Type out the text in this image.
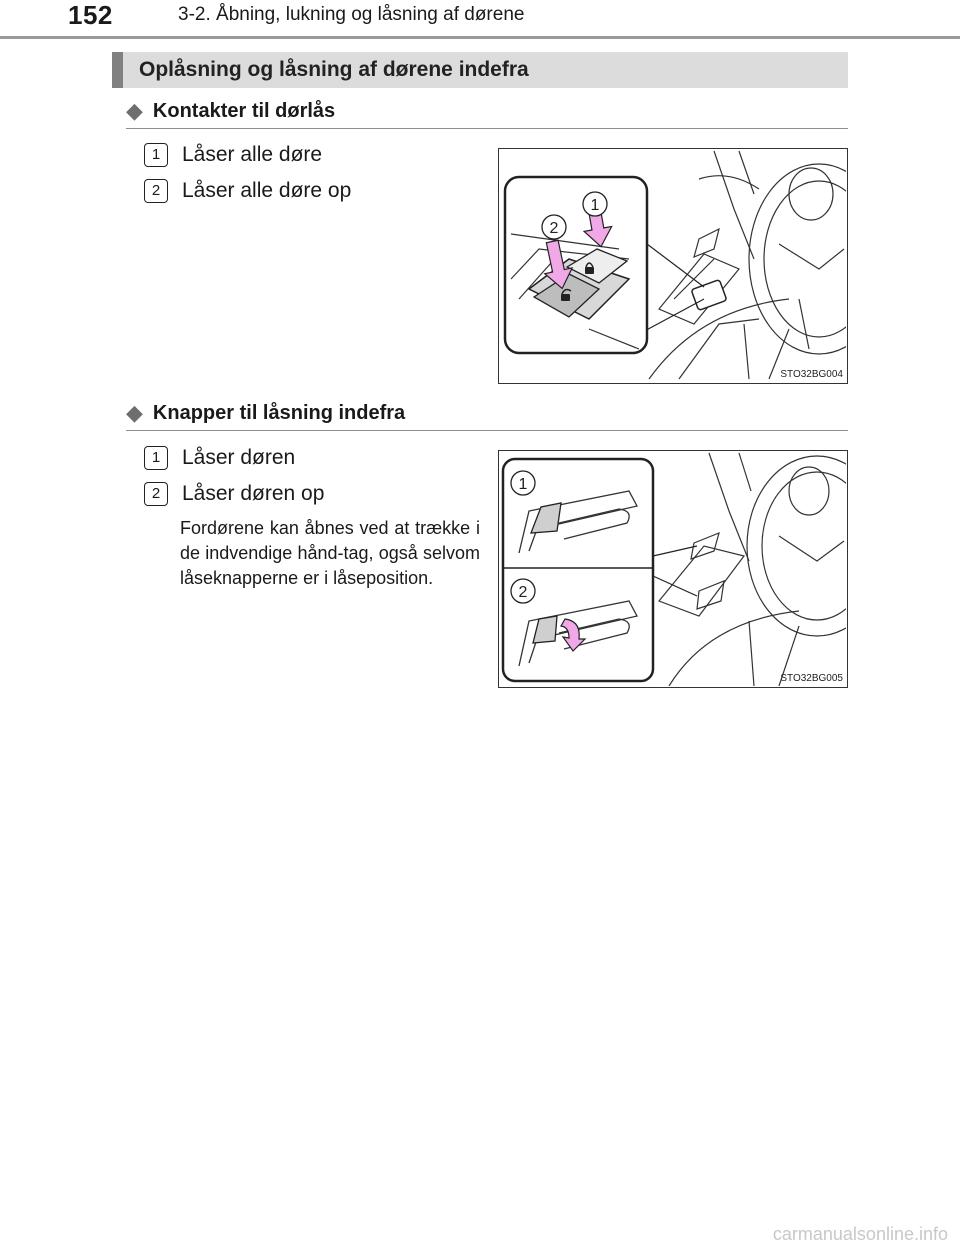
152	3-2. Åbning, lukning og låsning af dørene
Oplåsning og låsning af dørene indefra
◆ Kontakter til dørlås
1	Låser alle døre
2	Låser alle døre op
1
2
STO32BG004
◆ Knapper til låsning indefra
1	Låser døren
2	Låser døren op
Fordørene kan åbnes ved at trække i de indvendige hånd-tag, også selvom låseknapperne er i låseposition.
1
2
STO32BG005
carmanualsonline.info
